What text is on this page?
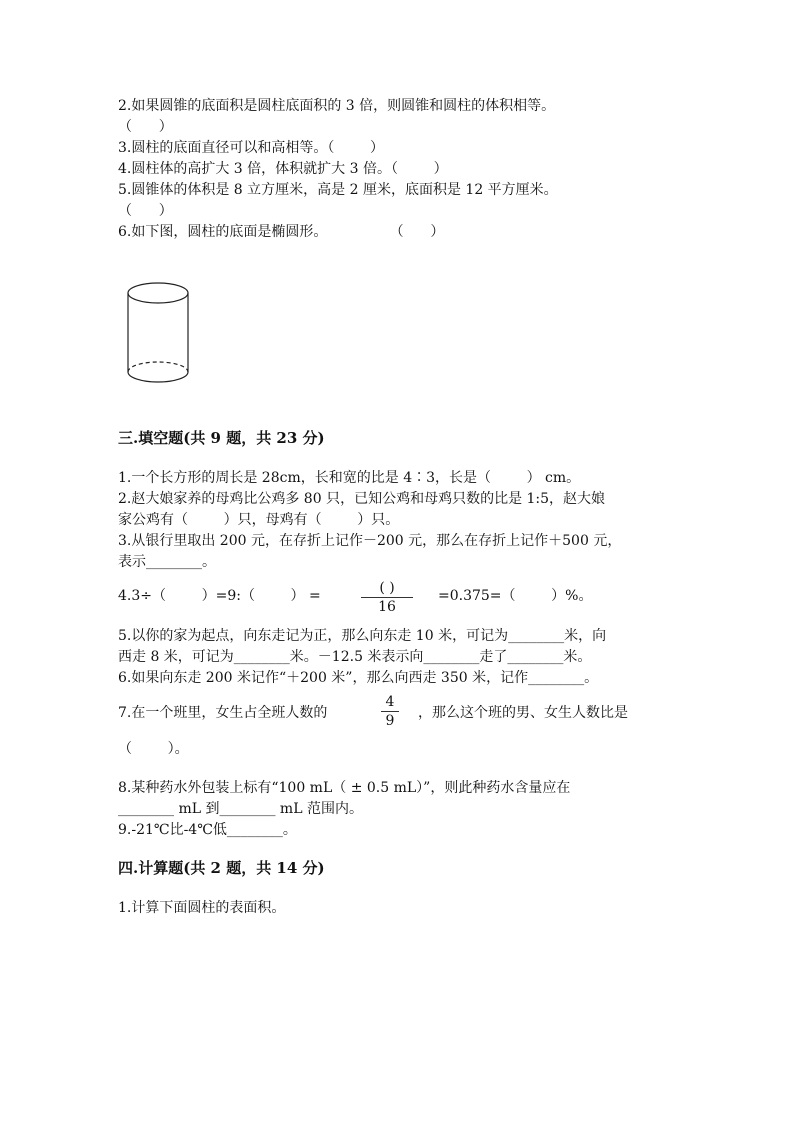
2.如果圆锥的底面积是圆柱底面积的 3 倍，则圆锥和圆柱的体积相等。
（      ）
3.圆柱的底面直径可以和高相等。（        ）
4.圆柱体的高扩大 3 倍，体积就扩大 3 倍。（        ）
5.圆锥体的体积是 8 立方厘米，高是 2 厘米，底面积是 12 平方厘米。
（      ）
6.如下图，圆柱的底面是椭圆形。              （      ）
三.填空题(共 9 题，共 23 分)
1.一个长方形的周长是 28cm，长和宽的比是 4∶3，长是（        ） cm。
2.赵大娘家养的母鸡比公鸡多 80 只，已知公鸡和母鸡只数的比是 1:5，赵大娘
家公鸡有（        ）只，母鸡有（        ）只。
3.从银行里取出 200 元，在存折上记作－200 元，那么在存折上记作＋500 元，
表示________。
4.3÷（        ）=9:（        ） =	( )
16
=0.375=（        ）%。
5.以你的家为起点，向东走记为正，那么向东走 10 米，可记为________米，向
西走 8 米，可记为________米。－12.5 米表示向________走了________米。
6.如果向东走 200 米记作“＋200 米”，那么向西走 350 米，记作________。
7.在一个班里，女生占全班人数的
4
9	，那么这个班的男、女生人数比是
（        ）。
8.某种药水外包装上标有“100 mL（ ± 0.5 mL）”，则此种药水含量应在
________ mL 到________ mL 范围内。
9.-21℃比-4℃低________。
四.计算题(共 2 题，共 14 分)
1.计算下面圆柱的表面积。
